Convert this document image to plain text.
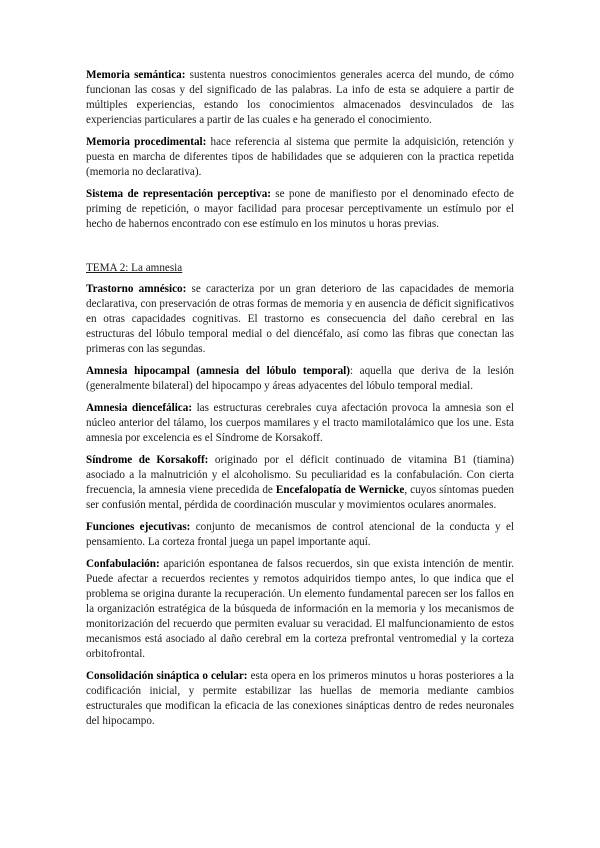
Memoria semántica: sustenta nuestros conocimientos generales acerca del mundo, de cómo funcionan las cosas y del significado de las palabras. La info de esta se adquiere a partir de múltiples experiencias, estando los conocimientos almacenados desvinculados de las experiencias particulares a partir de las cuales e ha generado el conocimiento.

Memoria procedimental: hace referencia al sistema que permite la adquisición, retención y puesta en marcha de diferentes tipos de habilidades que se adquieren con la practica repetida (memoria no declarativa).

Sistema de representación perceptiva: se pone de manifiesto por el denominado efecto de priming de repetición, o mayor facilidad para procesar perceptivamente un estímulo por el hecho de habernos encontrado con ese estímulo en los minutos u horas previas.

TEMA 2: La amnesia

Trastorno amnésico: se caracteriza por un gran deterioro de las capacidades de memoria declarativa, con preservación de otras formas de memoria y en ausencia de déficit significativos en otras capacidades cognitivas. El trastorno es consecuencia del daño cerebral en las estructuras del lóbulo temporal medial o del diencéfalo, así como las fibras que conectan las primeras con las segundas.

Amnesia hipocampal (amnesia del lóbulo temporal): aquella que deriva de la lesión (generalmente bilateral) del hipocampo y áreas adyacentes del lóbulo temporal medial.

Amnesia diencefálica: las estructuras cerebrales cuya afectación provoca la amnesia son el núcleo anterior del tálamo, los cuerpos mamilares y el tracto mamilotalámico que los une. Esta amnesia por excelencia es el Síndrome de Korsakoff.

Síndrome de Korsakoff: originado por el déficit continuado de vitamina B1 (tiamina) asociado a la malnutrición y el alcoholismo. Su peculiaridad es la confabulación. Con cierta frecuencia, la amnesia viene precedida de Encefalopatía de Wernicke, cuyos síntomas pueden ser confusión mental, pérdida de coordinación muscular y movimientos oculares anormales.

Funciones ejecutivas: conjunto de mecanismos de control atencional de la conducta y el pensamiento. La corteza frontal juega un papel importante aquí.

Confabulación: aparición espontanea de falsos recuerdos, sin que exista intención de mentir. Puede afectar a recuerdos recientes y remotos adquiridos tiempo antes, lo que indica que el problema se origina durante la recuperación. Un elemento fundamental parecen ser los fallos en la organización estratégica de la búsqueda de información en la memoria y los mecanismos de monitorización del recuerdo que permiten evaluar su veracidad. El malfuncionamiento de estos mecanismos está asociado al daño cerebral em la corteza prefrontal ventromedial y la corteza orbitofrontal.

Consolidación sináptica o celular: esta opera en los primeros minutos u horas posteriores a la codificación inicial, y permite estabilizar las huellas de memoria mediante cambios estructurales que modifican la eficacia de las conexiones sinápticas dentro de redes neuronales del hipocampo.
